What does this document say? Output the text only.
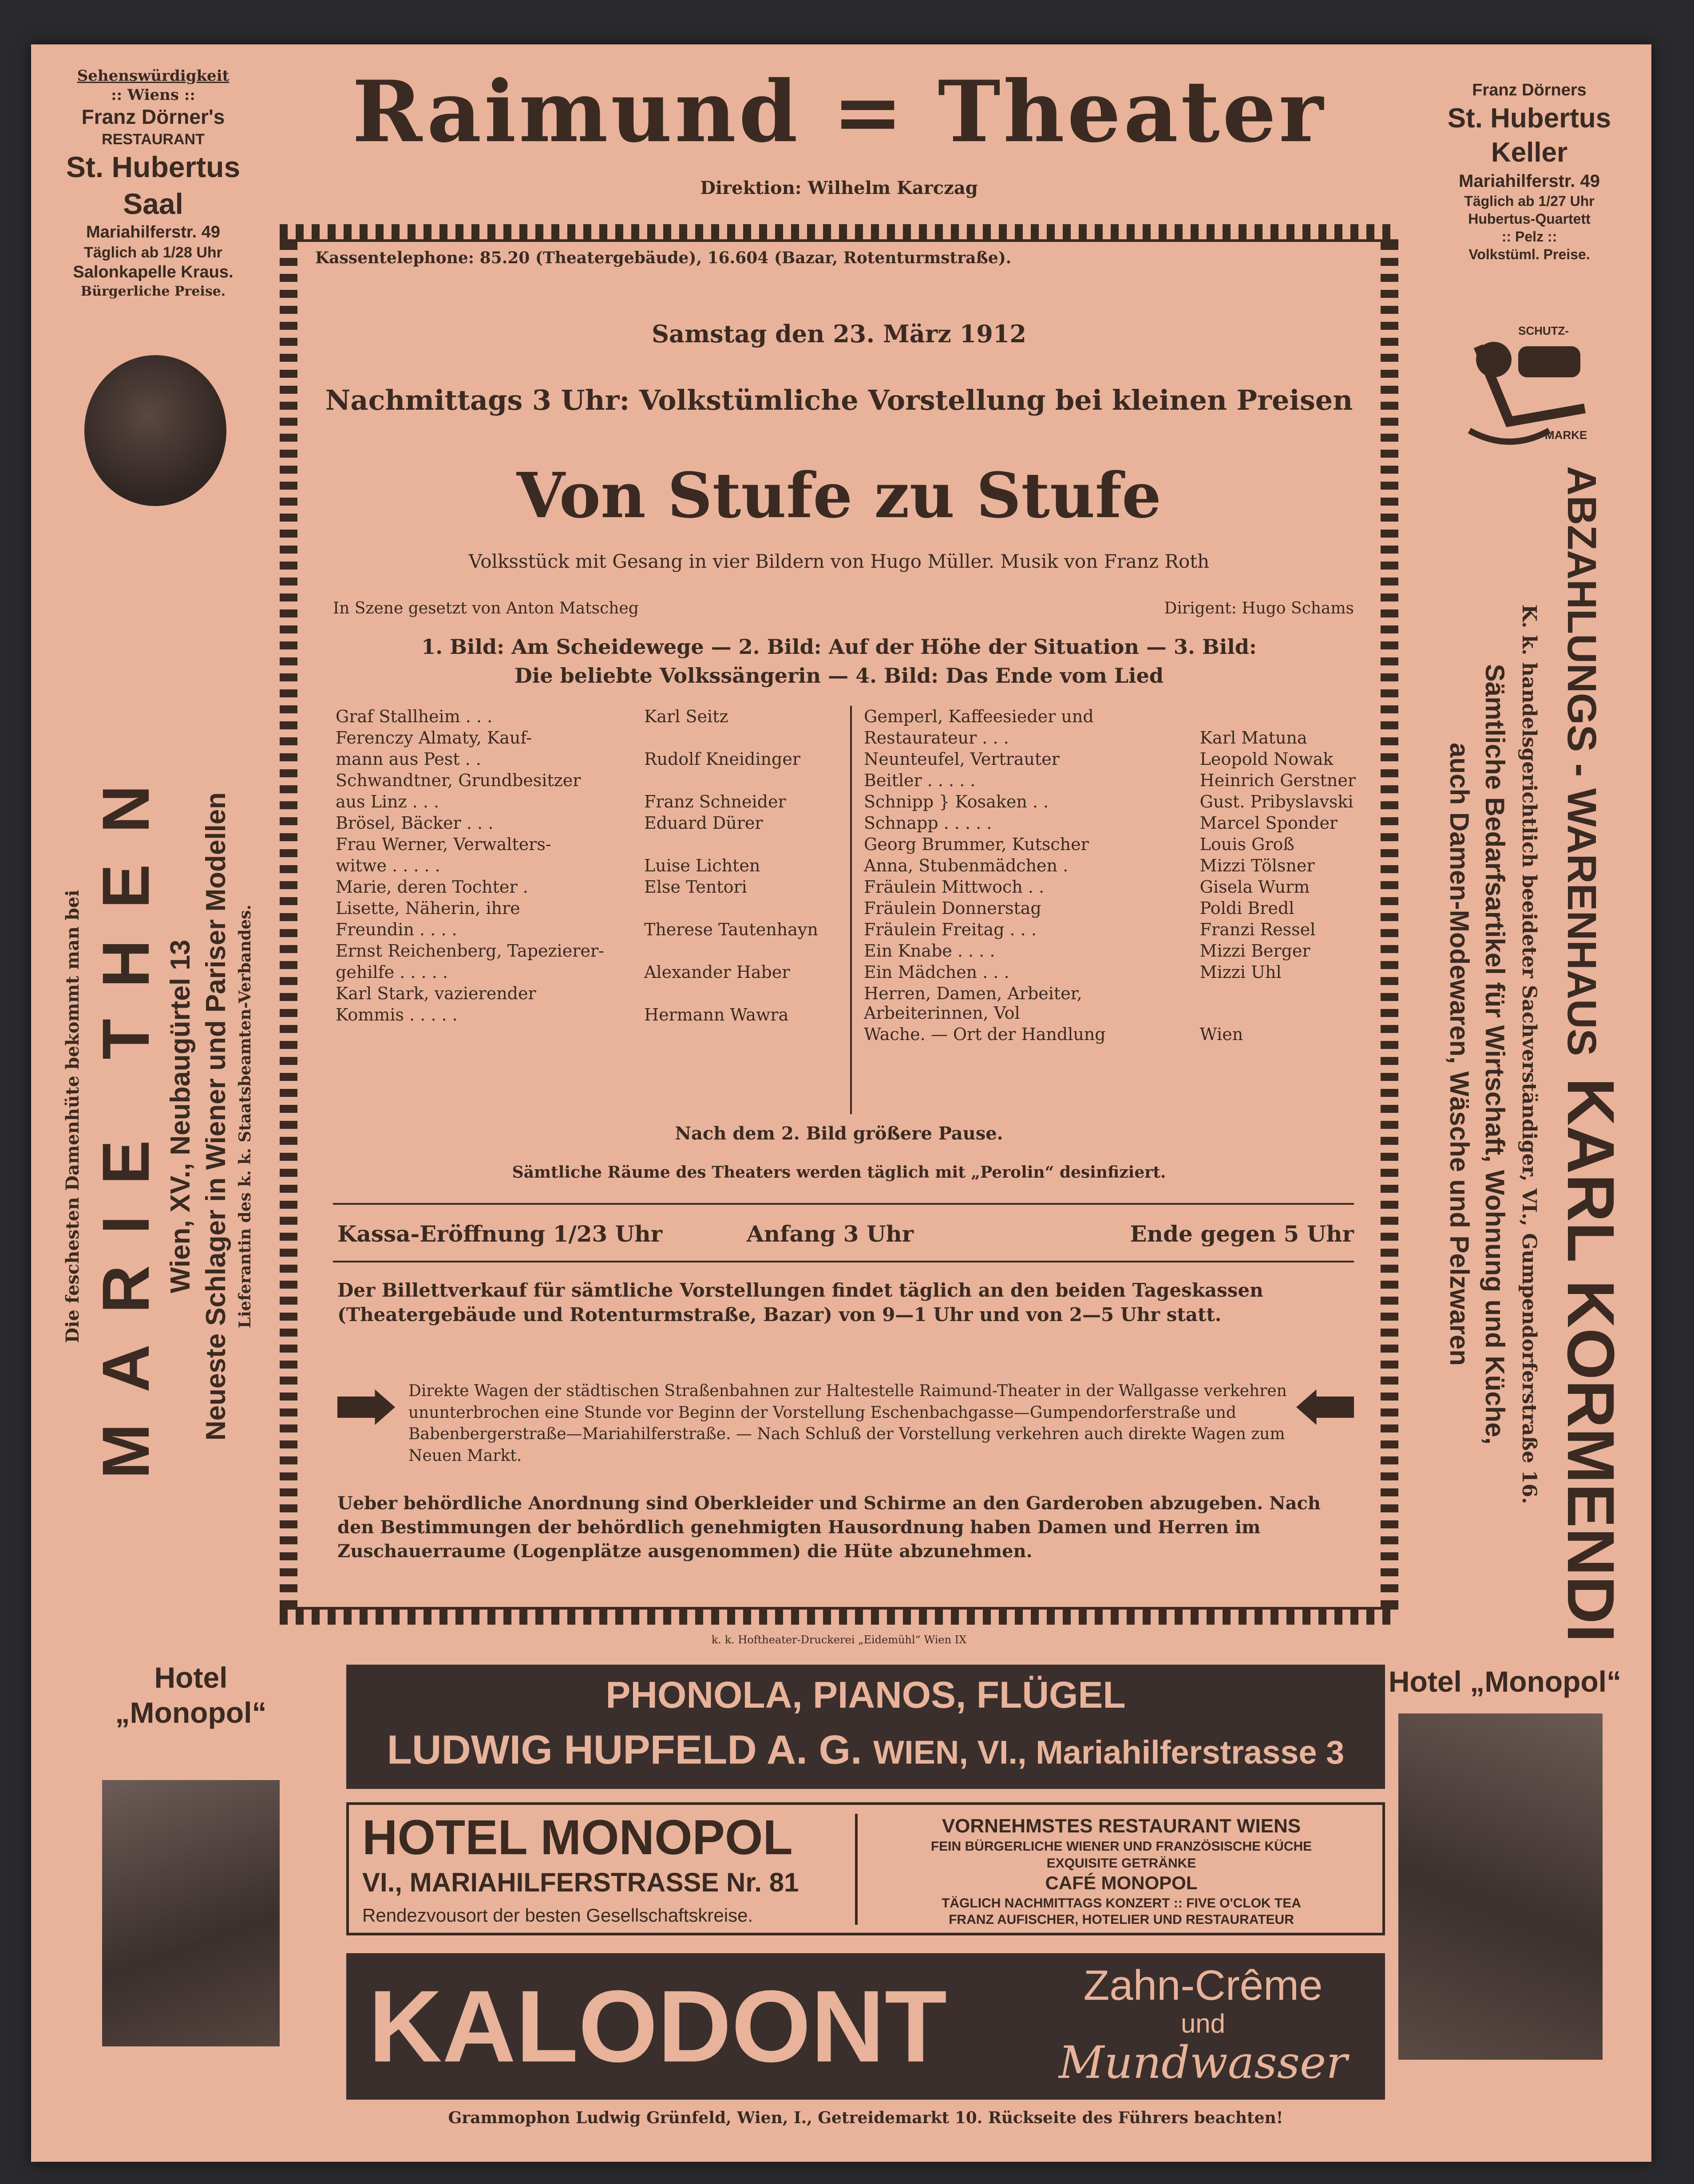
Sehenswürdigkeit
:: Wiens ::
Franz Dörner's
RESTAURANT
St. Hubertus
Saal
Mariahilferstr. 49
Täglich ab 1/28 Uhr
Salonkapelle Kraus.
Bürgerliche Preise.
Die feschesten Damenhüte bekommt man bei MARIE THEN Wien, XV., Neubaugürtel 13 Neueste Schlager in Wiener und Pariser Modellen Lieferantin des k. k. Staatsbeamten-Verbandes.
Franz Dörners
St. Hubertus
Keller
Mariahilferstr. 49
Täglich ab 1/27 Uhr
Hubertus-Quartett
:: Pelz ::
Volkstüml. Preise.
SCHUTZ-
MARKE
ABZAHLUNGS - WARENHAUS
KARL KORMENDI
K. k. handelsgerichtlich beeideter Sachverständiger, VI., Gumpendorferstraße 16.
Sämtliche Bedarfsartikel für Wirtschaft, Wohnung und Küche,
auch Damen-Modewaren, Wäsche und Pelzwaren
Raimund = Theater
Direktion: Wilhelm Karczag
Kassentelephone: 85.20 (Theatergebäude), 16.604 (Bazar, Rotenturmstraße).
Samstag den 23. März 1912
Nachmittags 3 Uhr: Volkstümliche Vorstellung bei kleinen Preisen
Von Stufe zu Stufe
Volksstück mit Gesang in vier Bildern von Hugo Müller. Musik von Franz Roth
In Szene gesetzt von Anton Matscheg	Dirigent: Hugo Schams
1. Bild: Am Scheidewege — 2. Bild: Auf der Höhe der Situation — 3. Bild:
Die beliebte Volkssängerin — 4. Bild: Das Ende vom Lied
Graf Stallheim . . .	Karl Seitz
Ferenczy Almaty, Kauf-	
mann aus Pest . .	Rudolf Kneidinger
Schwandtner, Grundbesitzer	
aus Linz . . .	Franz Schneider
Brösel, Bäcker . . .	Eduard Dürer
Frau Werner, Verwalters-	
witwe . . . . .	Luise Lichten
Marie, deren Tochter .	Else Tentori
Lisette, Näherin, ihre	
Freundin . . . .	Therese Tautenhayn
Ernst Reichenberg, Tapezierer-	
gehilfe . . . . .	Alexander Haber
Karl Stark, vazierender	
Kommis . . . . .	Hermann Wawra
Gemperl, Kaffeesieder und	
Restaurateur . . .	Karl Matuna
Neunteufel, Vertrauter	Leopold Nowak
Beitler . . . . .	Heinrich Gerstner
Schnipp } Kosaken . .	Gust. Pribyslavski
Schnapp . . . . .	Marcel Sponder
Georg Brummer, Kutscher	Louis Groß
Anna, Stubenmädchen .	Mizzi Tölsner
Fräulein Mittwoch . .	Gisela Wurm
Fräulein Donnerstag	Poldi Bredl
Fräulein Freitag . . .	Franzi Ressel
Ein Knabe . . . .	Mizzi Berger
Ein Mädchen . . .	Mizzi Uhl
Herren, Damen, Arbeiter, Arbeiterinnen, Vol	
Wache. — Ort der Handlung	Wien
Nach dem 2. Bild größere Pause.
Sämtliche Räume des Theaters werden täglich mit „Perolin“ desinfiziert.
Kassa-Eröffnung 1/23 Uhr	Anfang 3 Uhr	Ende gegen 5 Uhr
Der Billettverkauf für sämtliche Vorstellungen findet täglich an den beiden Tageskassen (Theatergebäude und Rotenturmstraße, Bazar) von 9—1 Uhr und von 2—5 Uhr statt.
Direkte Wagen der städtischen Straßenbahnen zur Haltestelle Raimund-Theater in der Wallgasse verkehren ununterbrochen eine Stunde vor Beginn der Vorstellung Eschenbachgasse—Gumpendorferstraße und Babenbergerstraße—Mariahilferstraße. — Nach Schluß der Vorstellung verkehren auch direkte Wagen zum Neuen Markt.
Ueber behördliche Anordnung sind Oberkleider und Schirme an den Garderoben abzugeben. Nach den Bestimmungen der behördlich genehmigten Hausordnung haben Damen und Herren im Zuschauerraume (Logenplätze ausgenommen) die Hüte abzunehmen.
k. k. Hoftheater-Druckerei „Eidemühl“ Wien IX
Hotel
„Monopol“
Hotel „Monopol“
PHONOLA, PIANOS, FLÜGEL
LUDWIG HUPFELD A. G. WIEN, VI., Mariahilferstrasse 3
HOTEL MONOPOL
VI., MARIAHILFERSTRASSE Nr. 81
Rendezvousort der besten Gesellschaftskreise.
VORNEHMSTES RESTAURANT WIENS
FEIN BÜRGERLICHE WIENER UND FRANZÖSISCHE KÜCHE
EXQUISITE GETRÄNKE
CAFÉ MONOPOL
TÄGLICH NACHMITTAGS KONZERT :: FIVE O'CLOK TEA
FRANZ AUFISCHER, HOTELIER UND RESTAURATEUR
KALODONT	Zahn-Crême
und
Mundwasser
Grammophon Ludwig Grünfeld, Wien, I., Getreidemarkt 10. Rückseite des Führers beachten!
